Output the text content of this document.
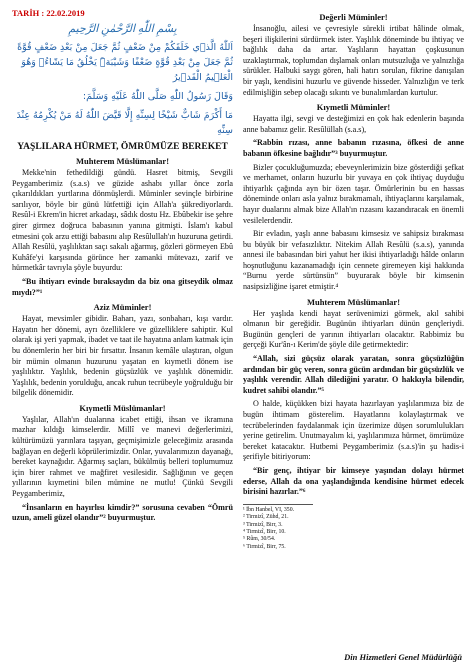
TARİH : 22.02.2019
بِسْمِ اللّٰهِ الرَّحْمٰنِ الرَّحِيمِ
اَللّٰهُ الَّذ۪ي خَلَقَكُمْ مِنْ ضَعْفٍ ثُمَّ جَعَلَ مِنْ بَعْدِ ضَعْفٍ قُوَّةً ثُمَّ جَعَلَ مِنْ بَعْدِ قُوَّةٍ ضَعْفًا وَشَيْبَةًۜ يَخْلُقُ مَا يَشَٓاءُۚ وَهُوَ الْعَل۪يمُ الْقَد۪يرُ
وَقَالَ رَسُولُ اللّٰهِ صَلَّى اللّٰهُ عَلَيْهِ وَسَلَّمَ:
مَا أَكْرَمَ شَابٌّ شَيْخًا لِسِنِّهِ إِلَّا قَيَّضَ اللّٰهُ لَهُ مَنْ يُكْرِمُهُ عِنْدَ سِنِّهِ
YAŞLILARA HÜRMET, ÖMRÜMÜZE BEREKET
Muhterem Müslümanlar!

Mekke'nin fethedildiği gündü. Hasret bitmiş, Sevgili Peygamberimiz (s.a.s) ve güzide ashabı yıllar önce zorla çıkarıldıkları yurtlarına dönmüşlerdi. Müminler sevinçle birbirine sarılıyor, böyle bir günü lütfettiği için Allah'a şükrediyorlardı. Resûl-i Ekrem'in hicret arkadaşı, sâdık dostu Hz. Ebûbekir ise şehre girer girmez doğruca babasının yanına gitmişti. İslam'ı kabul etmesini çok arzu ettiği babasını alıp Resûlullah'ın huzuruna getirdi. Allah Resûlü, yaşlılıktan saçı sakalı ağarmış, gözleri görmeyen Ebû Kuhâfe'yi karşısında görünce her zamanki mütevazı, zarif ve hürmetkâr tavrıyla şöyle buyurdu:

“Bu ihtiyarı evinde bıraksaydın da biz ona gitseydik olmaz mıydı?”¹

Aziz Müminler!

Hayat, mevsimler gibidir. Baharı, yazı, sonbaharı, kışı vardır. Hayatın her dönemi, ayrı özelliklere ve güzelliklere sahiptir. Kul olarak işi yeri yapmak, ibadet ve taat ile hayatına anlam katmak için bu dönemlerin her biri bir fırsattır. İnsanın kemâle ulaştıran, olgun bir mümin olmanın huzurunu yaşatan en kıymetli dönem ise yaşlılıktır. Yaşlılık, bedenin güçsüzlük ve yaşlılık dönemidir. Yaşlılık, bedenin yorulduğu, ancak ruhun tecrübeyle yoğrulduğu bir bilgelik dönemidir.

Kıymetli Müslümanlar!

Yaşlılar, Allah'ın dualarına icabet ettiği, ihsan ve ikramına mazhar kıldığı kimselerdir. Millî ve manevi değerlerimizi, kültürümüzü yarınlara taşıyan, geçmişimizle geleceğimiz arasında bağlayan en değerli köprülerimizdir. Onlar, yuvalarımızın dayanağı, bereket kaynağıdır. Ağarmış saçları, bükülmüş belleri toplumumuz için birer rahmet ve mağfiret vesilesidir. Sağlığının ve geçen yıllarının kıymetini bilen mümine ne mutlu! Çünkü Sevgili Peygamberimiz,

“İnsanların en hayırlısı kimdir?” sorusuna cevaben “Ömrü uzun, ameli güzel olandır”² buyurmuştur.

Değerli Müminler!

İnsanoğlu, ailesi ve çevresiyle sürekli irtibat hâlinde olmak, beşeri ilişkilerini sürdürmek ister. Yaşlılık döneminde bu ihtiyaç ve bağlılık daha da artar. Yaşlıların hayattan çoşkusunun uzaklaştırmak, toplumdan dışlamak onları mutsuzluğa ve yalnızlığa sürükler. Halbuki saygı gören, hali hatırı sorulan, fikrine danışılan bir yaşlı, kendisini huzurlu ve güvende hisseder. Yalnızlığın ve terk edilmişliğin sebep olacağı sıkıntı ve bunalımlardan kurtulur.

Kıymetli Müminler!

Hayatta ilgi, sevgi ve desteğimizi en çok hak edenlerin başında anne babamız gelir. Resûlüllah (s.a.s),

“Rabbin rızası, anne babanın rızasına, öfkesi de anne babanın öfkesine bağlıdır”³ buyurmuştur.

Bizler çocukluğumuzda; ebeveynlerimizin bize gösterdiği şefkat ve merhamet, onların huzurlu bir yuvaya en çok ihtiyaç duyduğu ihtiyarlık çağında ayn bir özen taşır. Ömürlerinin bu en hassas döneminde onları asla yalnız bırakmamalı, ihtiyaçlarını karşılamak, hayır dualarını almak bize Allah'ın rızasını kazandıracak en önemli vesilelerdendir.

Bir evladın, yaşlı anne babasını kimsesiz ve sahipsiz bırakması bu büyük bir vefasızlıktır. Nitekim Allah Resûlü (s.a.s), yanında annesi ile babasından biri yahut her ikisi ihtiyarladığı hâlde onların hoşnutluğunu kazanamadığı için cennete giremeyen kişi hakkında “Burnu yerde sürtünsün” buyurarak böyle bir kimsenin nasipsizliğine işaret etmiştir.⁴

Muhterem Müslümanlar!

Her yaşlıda kendi hayat serüvenimizi görmek, akıl sahibi olmanın bir gereğidir. Bugünün ihtiyarları dünün gençleriydi. Bugünün gençleri de yarının ihtiyarları olacaktır. Rabbimiz bu gerçeği Kur'ân-ı Kerim'de şöyle dile getirmektedir:

“Allah, sizi güçsüz olarak yaratan, sonra güçsüzlüğün ardından bir güç veren, sonra gücün ardından bir güçsüzlük ve yaşlılık verendir. Allah dilediğini yaratır. O hakkıyla bilendir, kudret sahibi olandır.”⁵

O halde, küçükken bizi hayata hazırlayan yaşlılarımıza biz de bugün ihtimam gösterelim. Hayatlarını kolaylaştırmak ve tecrübelerinden faydalanmak için üzerimize düşen sorumlulukları yerine getirelim. Unutmayalım ki, yaşlılarımıza hürmet, ömrümüze bereket katacaktır. Hutbemi Peygamberimiz (s.a.s)'in şu hadis-i şerifiyle bitiriyorum:

“Bir genç, ihtiyar bir kimseye yaşından dolayı hürmet ederse, Allah da ona yaşlandığında kendisine hürmet edecek birisini hazırlar.”⁶

¹ İbn Hanbel, VI, 350.
² Tirmizî, Zühd, 21.
³ Tirmizî, Birr, 3.
⁴ Tirmizî, Birr, 10.
⁵ Rûm, 30/54.
⁶ Tirmizî, Birr, 75.
Din Hizmetleri Genel Müdürlüğü
